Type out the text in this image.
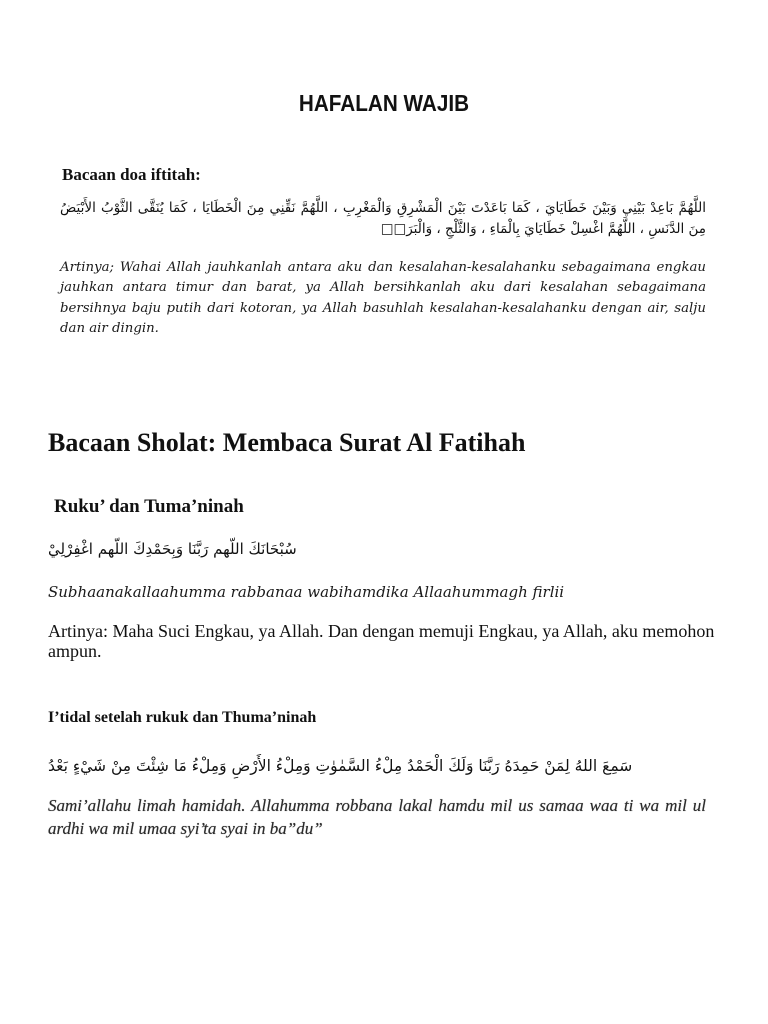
HAFALAN WAJIB
Bacaan doa iftitah:

اللَّهُمَّ بَاعِدْ بَيْنِي وَبَيْنَ خَطَايَايَ ، كَمَا بَاعَدْتَ بَيْنَ الْمَشْرِقِ وَالْمَغْرِبِ ، اللَّهُمَّ نَقِّنِي مِنَ الْخَطَايَا ، كَمَا يُنَقَّى الثَّوْبُ الأَبْيَضُ مِنَ الدَّنَسِ ، اللَّهُمَّ اغْسِلْ خَطَايَايَ بِالْمَاءِ ، وَالثَّلْجِ ، وَالْبَرَ□□

Artinya; Wahai Allah jauhkanlah antara aku dan kesalahan-kesalahanku sebagaimana engkau jauhkan antara timur dan barat, ya Allah bersihkanlah aku dari kesalahan sebagaimana bersihnya baju putih dari kotoran, ya Allah basuhlah kesalahan-kesalahanku dengan air, salju dan air dingin.

Bacaan Sholat: Membaca Surat Al Fatihah
Ruku’ dan Tuma’ninah
سُبْحَانَكَ اللّهم رَبَّنَا وَبِحَمْدِكَ اللّهم اغْفِرْلِيْ
Subhaanakallaahumma rabbanaa wabihamdika Allaahummagh firlii

Artinya: Maha Suci Engkau, ya Allah. Dan dengan memuji Engkau, ya Allah, aku memohon ampun.

I’tidal setelah rukuk dan Thuma’ninah
سَمِعَ اللهُ لِمَنْ حَمِدَهُ رَبَّنَا وَلَكَ الْحَمْدُ مِلْءُ السَّمٰوٰتِ وَمِلْءُ الأَرْضِ وَمِلْءُ مَا شِئْتَ مِنْ شَيْءٍ بَعْدُ

Sami’allahu limah hamidah. Allahumma robbana lakal hamdu mil us samaa waa ti wa mil ul ardhi wa mil umaa syi’ta syai in ba”du”
